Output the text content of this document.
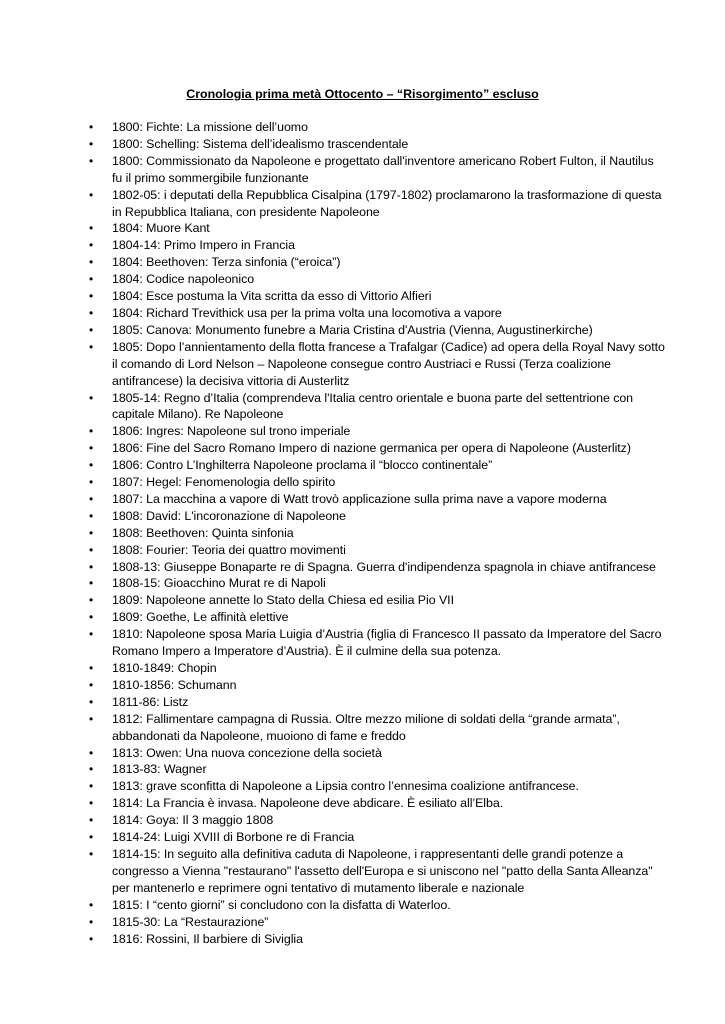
Cronologia prima metà Ottocento – “Risorgimento” escluso
• 1800: Fichte: La missione dell’uomo
• 1800: Schelling: Sistema dell’idealismo trascendentale
• 1800: Commissionato da Napoleone e progettato dall'inventore americano Robert Fulton, il Nautilus fu il primo sommergibile funzionante
• 1802-05: i deputati della Repubblica Cisalpina (1797-1802) proclamarono la trasformazione di questa in Repubblica Italiana, con presidente Napoleone
• 1804: Muore Kant
• 1804-14: Primo Impero in Francia
• 1804: Beethoven: Terza sinfonia (“eroica”)
• 1804: Codice napoleonico
• 1804: Esce postuma la Vita scritta da esso di Vittorio Alfieri
• 1804: Richard Trevithick usa per la prima volta una locomotiva a vapore
• 1805: Canova: Monumento funebre a Maria Cristina d'Austria (Vienna, Augustinerkirche)
• 1805: Dopo l’annientamento della flotta francese a Trafalgar (Cadice) ad opera della Royal Navy sotto il comando di Lord Nelson – Napoleone consegue contro Austriaci e Russi (Terza coalizione antifrancese) la decisiva vittoria di Austerlitz
• 1805-14: Regno d’Italia (comprendeva l'Italia centro orientale e buona parte del settentrione con capitale Milano). Re Napoleone
• 1806: Ingres: Napoleone sul trono imperiale
• 1806: Fine del Sacro Romano Impero di nazione germanica per opera di Napoleone (Austerlitz)
• 1806: Contro L’Inghilterra Napoleone proclama il “blocco continentale”
• 1807: Hegel: Fenomenologia dello spirito
• 1807: La macchina a vapore di Watt trovò applicazione sulla prima nave a vapore moderna
• 1808: David: L'incoronazione di Napoleone
• 1808: Beethoven: Quinta sinfonia
• 1808: Fourier: Teoria dei quattro movimenti
• 1808-13: Giuseppe Bonaparte re di Spagna. Guerra d'indipendenza spagnola in chiave antifrancese
• 1808-15: Gioacchino Murat re di Napoli
• 1809: Napoleone annette lo Stato della Chiesa ed esilia Pio VII
• 1809: Goethe, Le affinità elettive
• 1810: Napoleone sposa Maria Luigia d’Austria (figlia di Francesco II passato da Imperatore del Sacro Romano Impero a Imperatore d’Austria). È il culmine della sua potenza.
• 1810-1849: Chopin
• 1810-1856: Schumann
• 1811-86: Listz
• 1812: Fallimentare campagna di Russia. Oltre mezzo milione di soldati della “grande armata”, abbandonati da Napoleone, muoiono di fame e freddo
• 1813: Owen: Una nuova concezione della società
• 1813-83: Wagner
• 1813: grave sconfitta di Napoleone a Lipsia contro l’ennesima coalizione antifrancese.
• 1814: La Francia è invasa. Napoleone deve abdicare. È esiliato all’Elba.
• 1814: Goya: Il 3 maggio 1808
• 1814-24: Luigi XVIII di Borbone re di Francia
• 1814-15: In seguito alla definitiva caduta di Napoleone, i rappresentanti delle grandi potenze a congresso a Vienna "restaurano" l'assetto dell'Europa e si uniscono nel "patto della Santa Alleanza" per mantenerlo e reprimere ogni tentativo di mutamento liberale e nazionale
• 1815: I “cento giorni” si concludono con la disfatta di Waterloo.
• 1815-30: La “Restaurazione”
• 1816: Rossini, Il barbiere di Siviglia
